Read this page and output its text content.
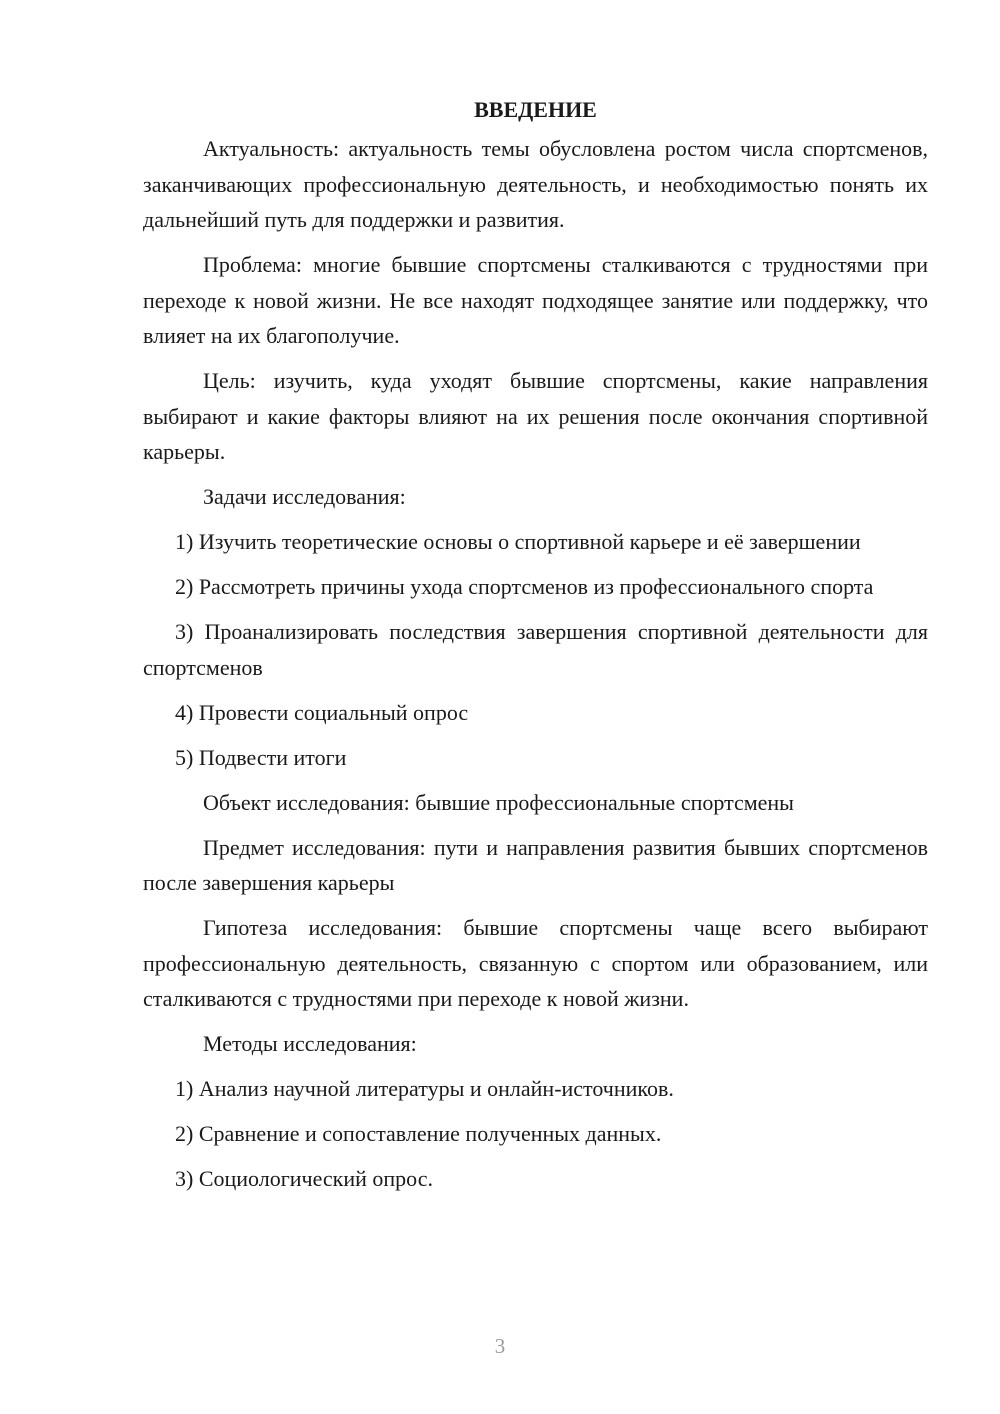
ВВЕДЕНИЕ

Актуальность: актуальность темы обусловлена ростом числа спортсменов, заканчивающих профессиональную деятельность, и необходимостью понять их дальнейший путь для поддержки и развития.

Проблема: многие бывшие спортсмены сталкиваются с трудностями при переходе к новой жизни. Не все находят подходящее занятие или поддержку, что влияет на их благополучие.

Цель: изучить, куда уходят бывшие спортсмены, какие направления выбирают и какие факторы влияют на их решения после окончания спортивной карьеры.

Задачи исследования:

1) Изучить теоретические основы о спортивной карьере и её завершении

2) Рассмотреть причины ухода спортсменов из профессионального спорта

3) Проанализировать последствия завершения спортивной деятельности для спортсменов

4) Провести социальный опрос

5) Подвести итоги

Объект исследования: бывшие профессиональные спортсмены

Предмет исследования: пути и направления развития бывших спортсменов после завершения карьеры

Гипотеза исследования: бывшие спортсмены чаще всего выбирают профессиональную деятельность, связанную с спортом или образованием, или сталкиваются с трудностями при переходе к новой жизни.

Методы исследования:

1) Анализ научной литературы и онлайн-источников.

2) Сравнение и сопоставление полученных данных.

3) Социологический опрос.

3
